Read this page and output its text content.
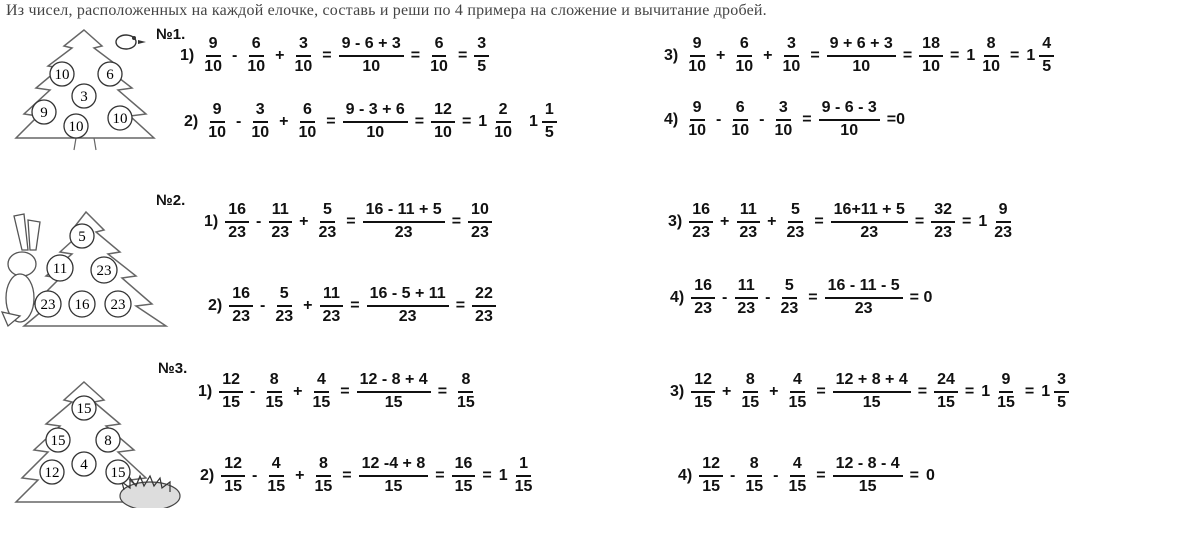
Из чисел, расположенных на каждой елочке, составь и реши по 4 примера на сложение и вычитание дробей.
10 6
3
9
10 10
5
11 23
23 16 23
15
15	8
12 4 15
№1.
№2.
№3.
$1) \frac{9}{10} - \frac{6}{10} + \frac{3}{10} = \frac{9 - 6 + 3}{10} = \frac{6}{10} = \frac{3}{5}$
$2) \frac{9}{10} - \frac{3}{10} + \frac{6}{10} = \frac{9 - 3 + 6}{10} = \frac{12}{10} = 1 \frac{2}{10} 1 \frac{1}{5}$
$3) \frac{9}{10} + \frac{6}{10} + \frac{3}{10} = \frac{9 + 6 + 3}{10} = \frac{18}{10} = 1 \frac{8}{10} = 1 \frac{4}{5}$
$4) \frac{9}{10} - \frac{6}{10} - \frac{3}{10} = \frac{9 - 6 - 3}{10} =0$
$1) \frac{16}{23} - \frac{11}{23} + \frac{5}{23} = \frac{16 - 11 + 5}{23} = \frac{10}{23}$
$2) \frac{16}{23} - \frac{5}{23} + \frac{11}{23} = \frac{16 - 5 + 11}{23} = \frac{22}{23}$
$3) \frac{16}{23} + \frac{11}{23} + \frac{5}{23} = \frac{16+11 + 5}{23} = \frac{32}{23} = 1 \frac{9}{23}$
$4) \frac{16}{23} - \frac{11}{23} - \frac{5}{23} = \frac{16 - 11 - 5}{23} = 0$
$1) \frac{12}{15} - \frac{8}{15} + \frac{4}{15} = \frac{12 - 8 + 4}{15} = \frac{8}{15}$
$2) \frac{12}{15} - \frac{4}{15} + \frac{8}{15} = \frac{12 -4 + 8}{15} = \frac{16}{15} = 1 \frac{1}{15}$
$3) \frac{12}{15} + \frac{8}{15} + \frac{4}{15} = \frac{12 + 8 + 4}{15} = \frac{24}{15} = 1 \frac{9}{15} = 1 \frac{3}{5}$
$4) \frac{12}{15} - \frac{8}{15} - \frac{4}{15} = \frac{12 - 8 - 4}{15} = 0$
